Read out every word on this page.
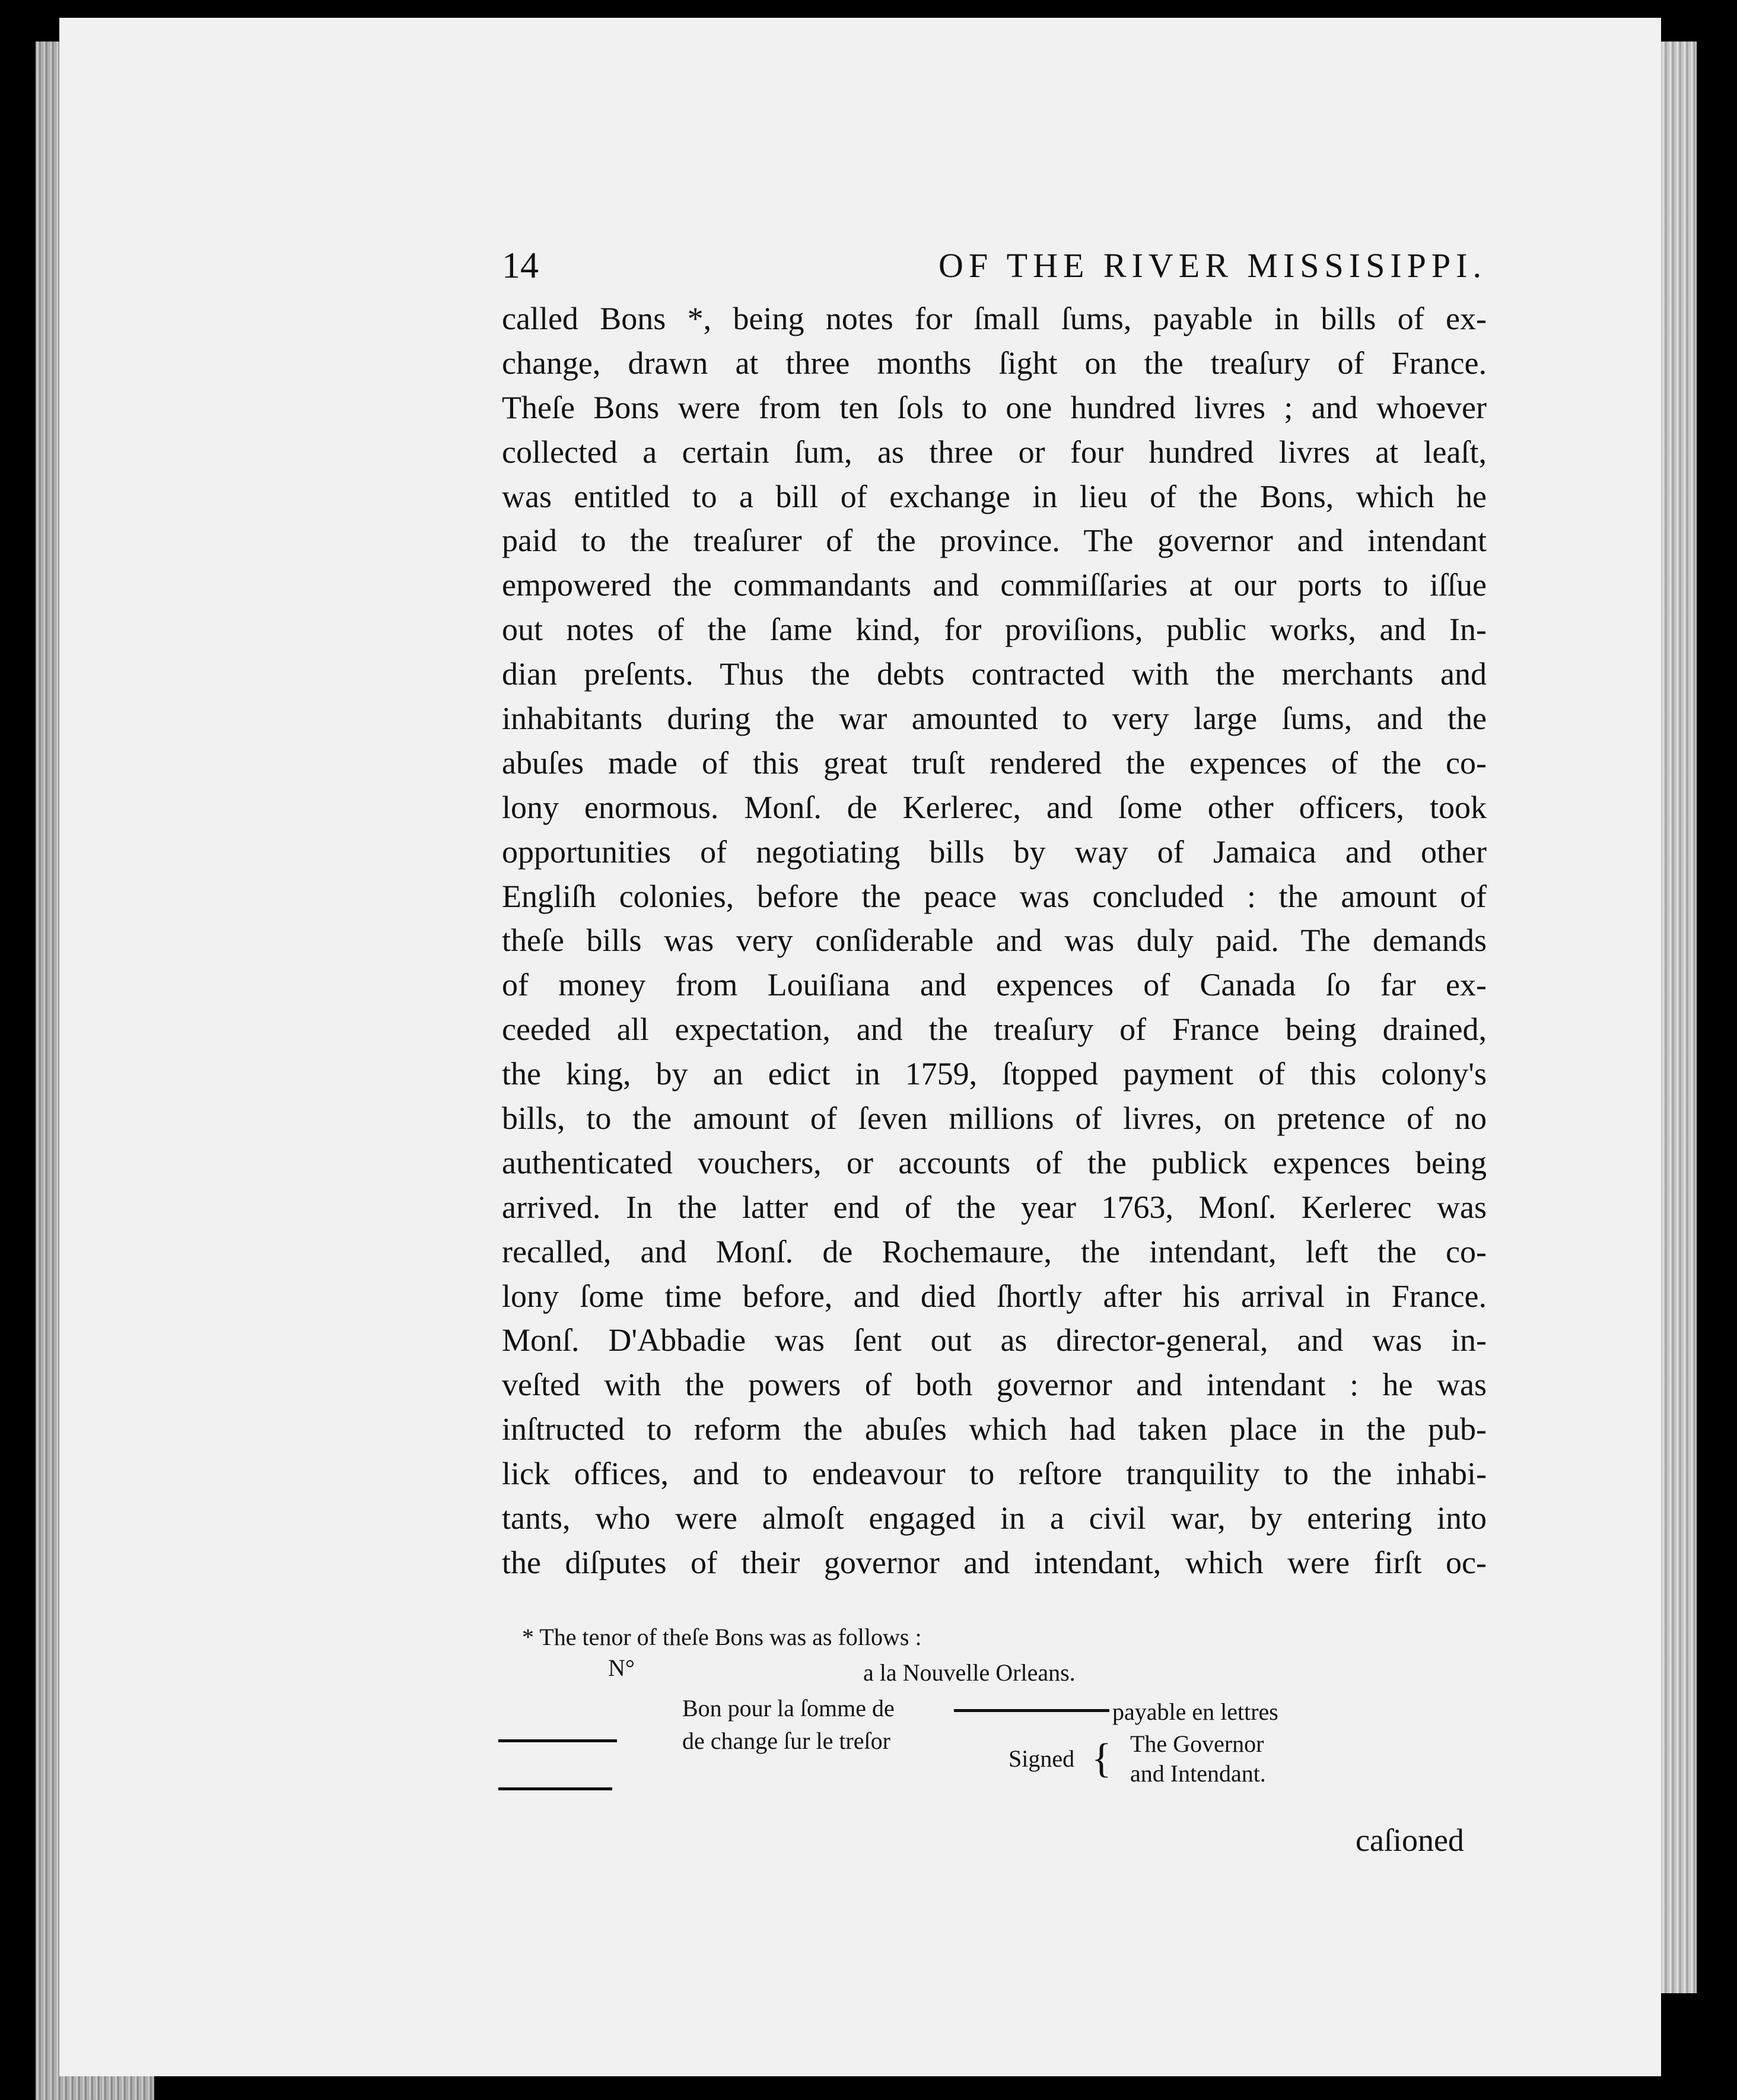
14	OF THE RIVER MISSISIPPI.
called Bons *, being notes for ſmall ſums, payable in bills of ex-
change, drawn at three months ſight on the treaſury of France.
Theſe Bons were from ten ſols to one hundred livres ; and whoever
collected a certain ſum, as three or four hundred livres at leaſt,
was entitled to a bill of exchange in lieu of the Bons, which he
paid to the treaſurer of the province. The governor and intendant
empowered the commandants and commiſſaries at our ports to iſſue
out notes of the ſame kind, for proviſions, public works, and In-
dian preſents. Thus the debts contracted with the merchants and
inhabitants during the war amounted to very large ſums, and the
abuſes made of this great truſt rendered the expences of the co-
lony enormous. Monſ. de Kerlerec, and ſome other officers, took
opportunities of negotiating bills by way of Jamaica and other
Engliſh colonies, before the peace was concluded : the amount of
theſe bills was very conſiderable and was duly paid. The demands
of money from Louiſiana and expences of Canada ſo far ex-
ceeded all expectation, and the treaſury of France being drained,
the king, by an edict in 1759, ſtopped payment of this colony's
bills, to the amount of ſeven millions of livres, on pretence of no
authenticated vouchers, or accounts of the publick expences being
arrived. In the latter end of the year 1763, Monſ. Kerlerec was
recalled, and Monſ. de Rochemaure, the intendant, left the co-
lony ſome time before, and died ſhortly after his arrival in France.
Monſ. D'Abbadie was ſent out as director-general, and was in-
veſted with the powers of both governor and intendant : he was
inſtructed to reform the abuſes which had taken place in the pub-
lick offices, and to endeavour to reſtore tranquility to the inhabi-
tants, who were almoſt engaged in a civil war, by entering into
the diſputes of their governor and intendant, which were firſt oc-
* The tenor of theſe Bons was as follows :
N°	a la Nouvelle Orleans.
Bon pour la ſomme de	payable en lettres
de change ſur le treſor
Signed { The Governor
and Intendant.
caſioned
